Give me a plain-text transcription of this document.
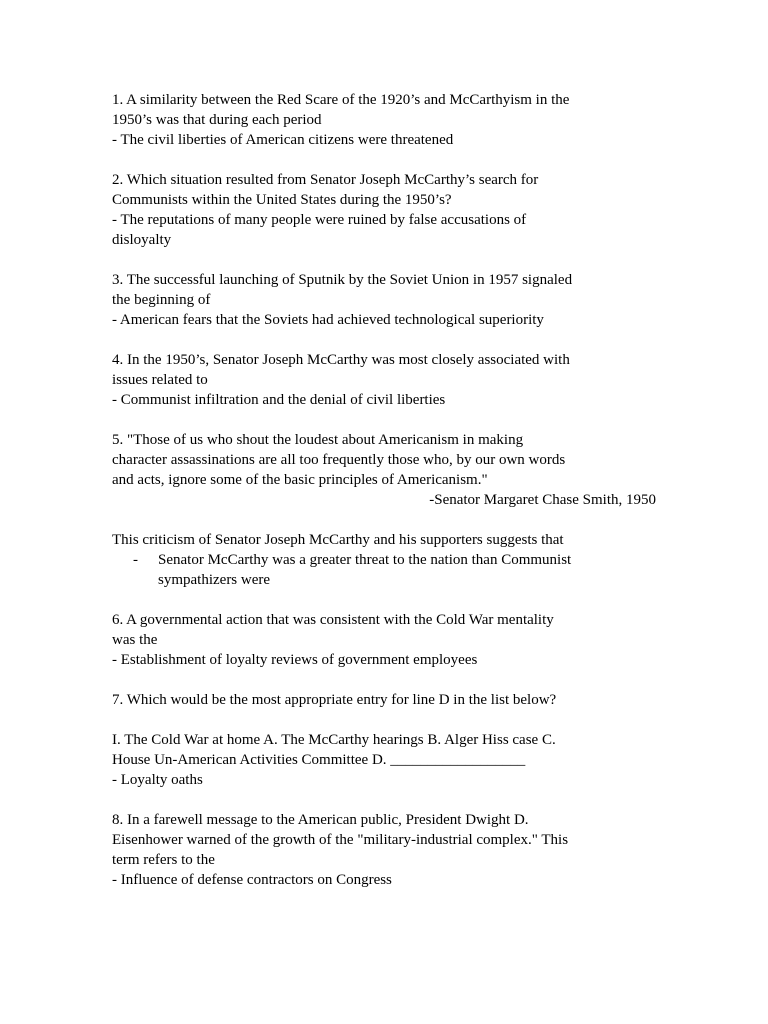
1. A similarity between the Red Scare of the 1920’s and McCarthyism in the
1950’s was that during each period
- The civil liberties of American citizens were threatened
2. Which situation resulted from Senator Joseph McCarthy’s search for
Communists within the United States during the 1950’s?
- The reputations of many people were ruined by false accusations of
disloyalty
3. The successful launching of Sputnik by the Soviet Union in 1957 signaled
the beginning of
- American fears that the Soviets had achieved technological superiority
4. In the 1950’s, Senator Joseph McCarthy was most closely associated with
issues related to
- Communist infiltration and the denial of civil liberties
5. "Those of us who shout the loudest about Americanism in making
character assassinations are all too frequently those who, by our own words
and acts, ignore some of the basic principles of Americanism."
-Senator Margaret Chase Smith, 1950
This criticism of Senator Joseph McCarthy and his supporters suggests that
-	Senator McCarthy was a greater threat to the nation than Communist
sympathizers were
6. A governmental action that was consistent with the Cold War mentality
was the
- Establishment of loyalty reviews of government employees
7. Which would be the most appropriate entry for line D in the list below?
I. The Cold War at home A. The McCarthy hearings B. Alger Hiss case C.
House Un-American Activities Committee D. __________________
- Loyalty oaths
8. In a farewell message to the American public, President Dwight D.
Eisenhower warned of the growth of the "military-industrial complex." This
term refers to the
- Influence of defense contractors on Congress
